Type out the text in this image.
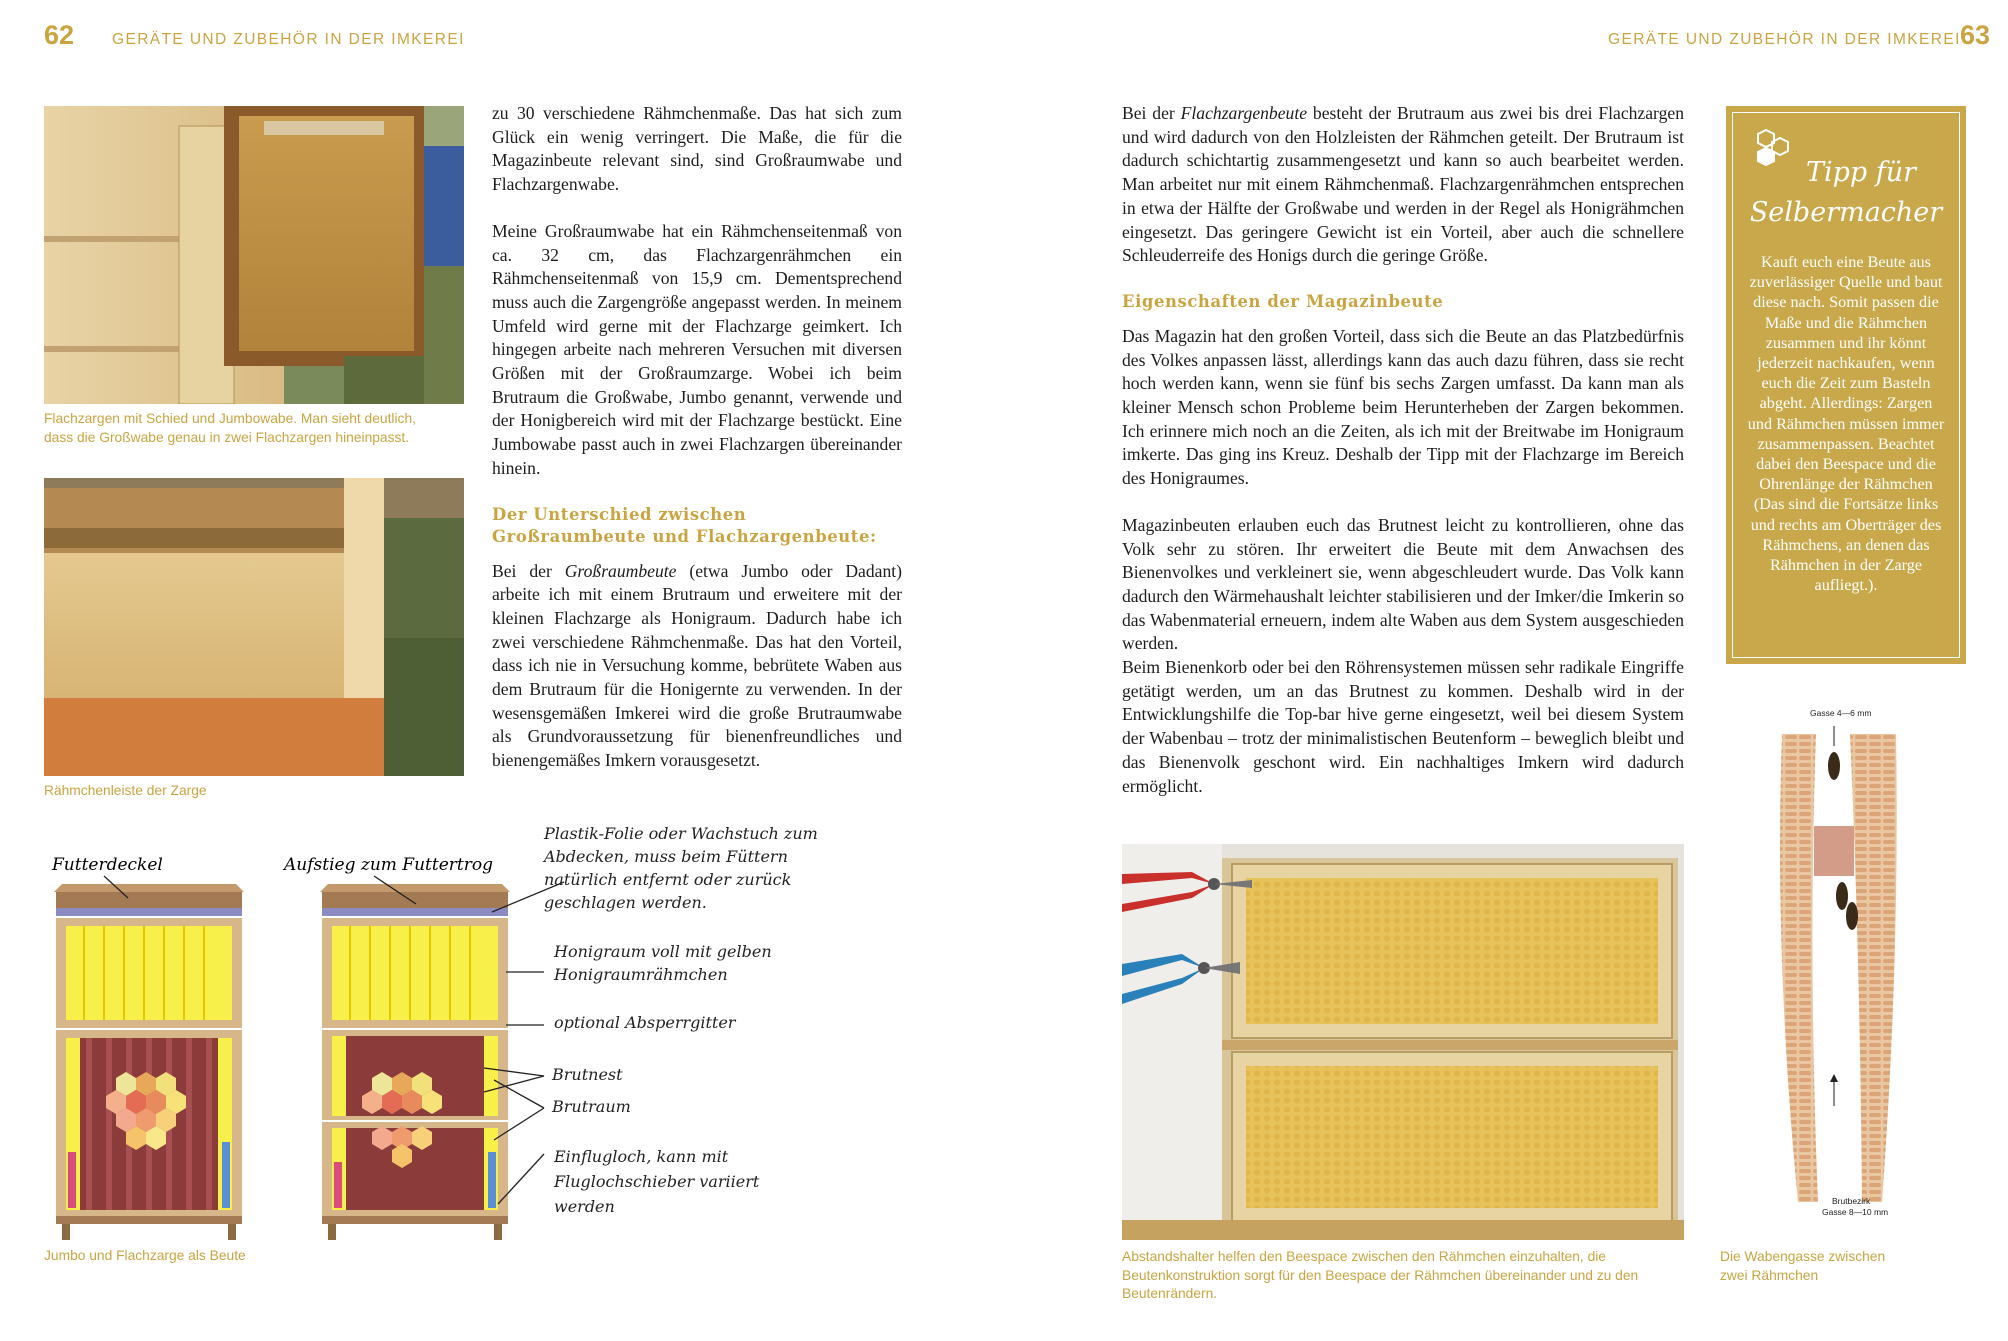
62 GERÄTE UND ZUBEHÖR IN DER IMKEREI	GERÄTE UND ZUBEHÖR IN DER IMKEREI 63
Flachzargen mit Schied und Jumbowabe. Man sieht deutlich, dass die Großwabe genau in zwei Flachzargen hineinpasst.
Rähmchenleiste der Zarge

zu 30 verschiedene Rähmchenmaße. Das hat sich zum Glück ein wenig verringert. Die Maße, die für die Magazinbeute relevant sind, sind Großraumwabe und Flachzargenwabe.

Meine Großraumwabe hat ein Rähmchenseitenmaß von ca. 32 cm, das Flachzargenrähmchen ein Rähmchenseitenmaß von 15,9 cm. Dementsprechend muss auch die Zargengröße angepasst werden. In meinem Umfeld wird gerne mit der Flachzarge geimkert. Ich hingegen arbeite nach mehreren Versuchen mit diversen Größen mit der Großraumzarge. Wobei ich beim Brutraum die Großwabe, Jumbo genannt, verwende und der Honigbereich wird mit der Flachzarge bestückt. Eine Jumbowabe passt auch in zwei Flachzargen übereinander hinein.

Der Unterschied zwischen Großraumbeute und Flachzargenbeute:

Bei der Großraumbeute (etwa Jumbo oder Dadant) arbeite ich mit einem Brutraum und erweitere mit der kleinen Flachzarge als Honigraum. Dadurch habe ich zwei verschiedene Rähmchenmaße. Das hat den Vorteil, dass ich nie in Versuchung komme, bebrütete Waben aus dem Brutraum für die Honigernte zu verwenden. In der wesensgemäßen Imkerei wird die große Brutraumwabe als Grundvoraussetzung für bienenfreundliches und bienengemäßes Imkern vorausgesetzt.

Futterdeckel	Aufstieg zum Futtertrog
Plastik-Folie oder Wachstuch zum Abdecken, muss beim Füttern natürlich entfernt oder zurück geschlagen werden.
Honigraum voll mit gelben Honigraumrähmchen
optional Absperrgitter
Brutnest
Brutraum
Einflugloch, kann mit Fluglochschieber variiert werden
Jumbo und Flachzarge als Beute

Bei der Flachzargenbeute besteht der Brutraum aus zwei bis drei Flachzargen und wird dadurch von den Holzleisten der Rähmchen geteilt. Der Brutraum ist dadurch schichtartig zusammengesetzt und kann so auch bearbeitet werden. Man arbeitet nur mit einem Rähmchenmaß. Flachzargenrähmchen entsprechen in etwa der Hälfte der Großwabe und werden in der Regel als Honigrähmchen eingesetzt. Das geringere Gewicht ist ein Vorteil, aber auch die schnellere Schleuderreife des Honigs durch die geringe Größe.

Eigenschaften der Magazinbeute

Das Magazin hat den großen Vorteil, dass sich die Beute an das Platzbedürfnis des Volkes anpassen lässt, allerdings kann das auch dazu führen, dass sie recht hoch werden kann, wenn sie fünf bis sechs Zargen umfasst. Da kann man als kleiner Mensch schon Probleme beim Herunterheben der Zargen bekommen. Ich erinnere mich noch an die Zeiten, als ich mit der Breitwabe im Honigraum imkerte. Das ging ins Kreuz. Deshalb der Tipp mit der Flachzarge im Bereich des Honigraumes.

Magazinbeuten erlauben euch das Brutnest leicht zu kontrollieren, ohne das Volk sehr zu stören. Ihr erweitert die Beute mit dem Anwachsen des Bienenvolkes und verkleinert sie, wenn abgeschleudert wurde. Das Volk kann dadurch den Wärmehaushalt leichter stabilisieren und der Imker/die Imkerin so das Wabenmaterial erneuern, indem alte Waben aus dem System ausgeschieden werden.

Beim Bienenkorb oder bei den Röhrensystemen müssen sehr radikale Eingriffe getätigt werden, um an das Brutnest zu kommen. Deshalb wird in der Entwicklungshilfe die Top-bar hive gerne eingesetzt, weil bei diesem System der Wabenbau – trotz der minimalistischen Beutenform – beweglich bleibt und das Bienenvolk geschont wird. Ein nachhaltiges Imkern wird dadurch ermöglicht.

Tipp für
Selbermacher
Kauft euch eine Beute aus zuverlässiger Quelle und baut diese nach. Somit passen die Maße und die Rähmchen zusammen und ihr könnt jederzeit nachkaufen, wenn euch die Zeit zum Basteln abgeht. Allerdings: Zargen und Rähmchen müssen immer zusammenpassen. Beachtet dabei den Beespace und die Ohrenlänge der Rähmchen (Das sind die Fortsätze links und rechts am Oberträger des Rähmchens, an denen das Rähmchen in der Zarge aufliegt.).
Abstandshalter helfen den Beespace zwischen den Rähmchen einzuhalten, die Beutenkonstruktion sorgt für den Beespace der Rähmchen übereinander und zu den Beutenrändern.
Gasse 4—6 mm
Brutbezirk
Gasse 8—10 mm
Die Wabengasse zwischen zwei Rähmchen
